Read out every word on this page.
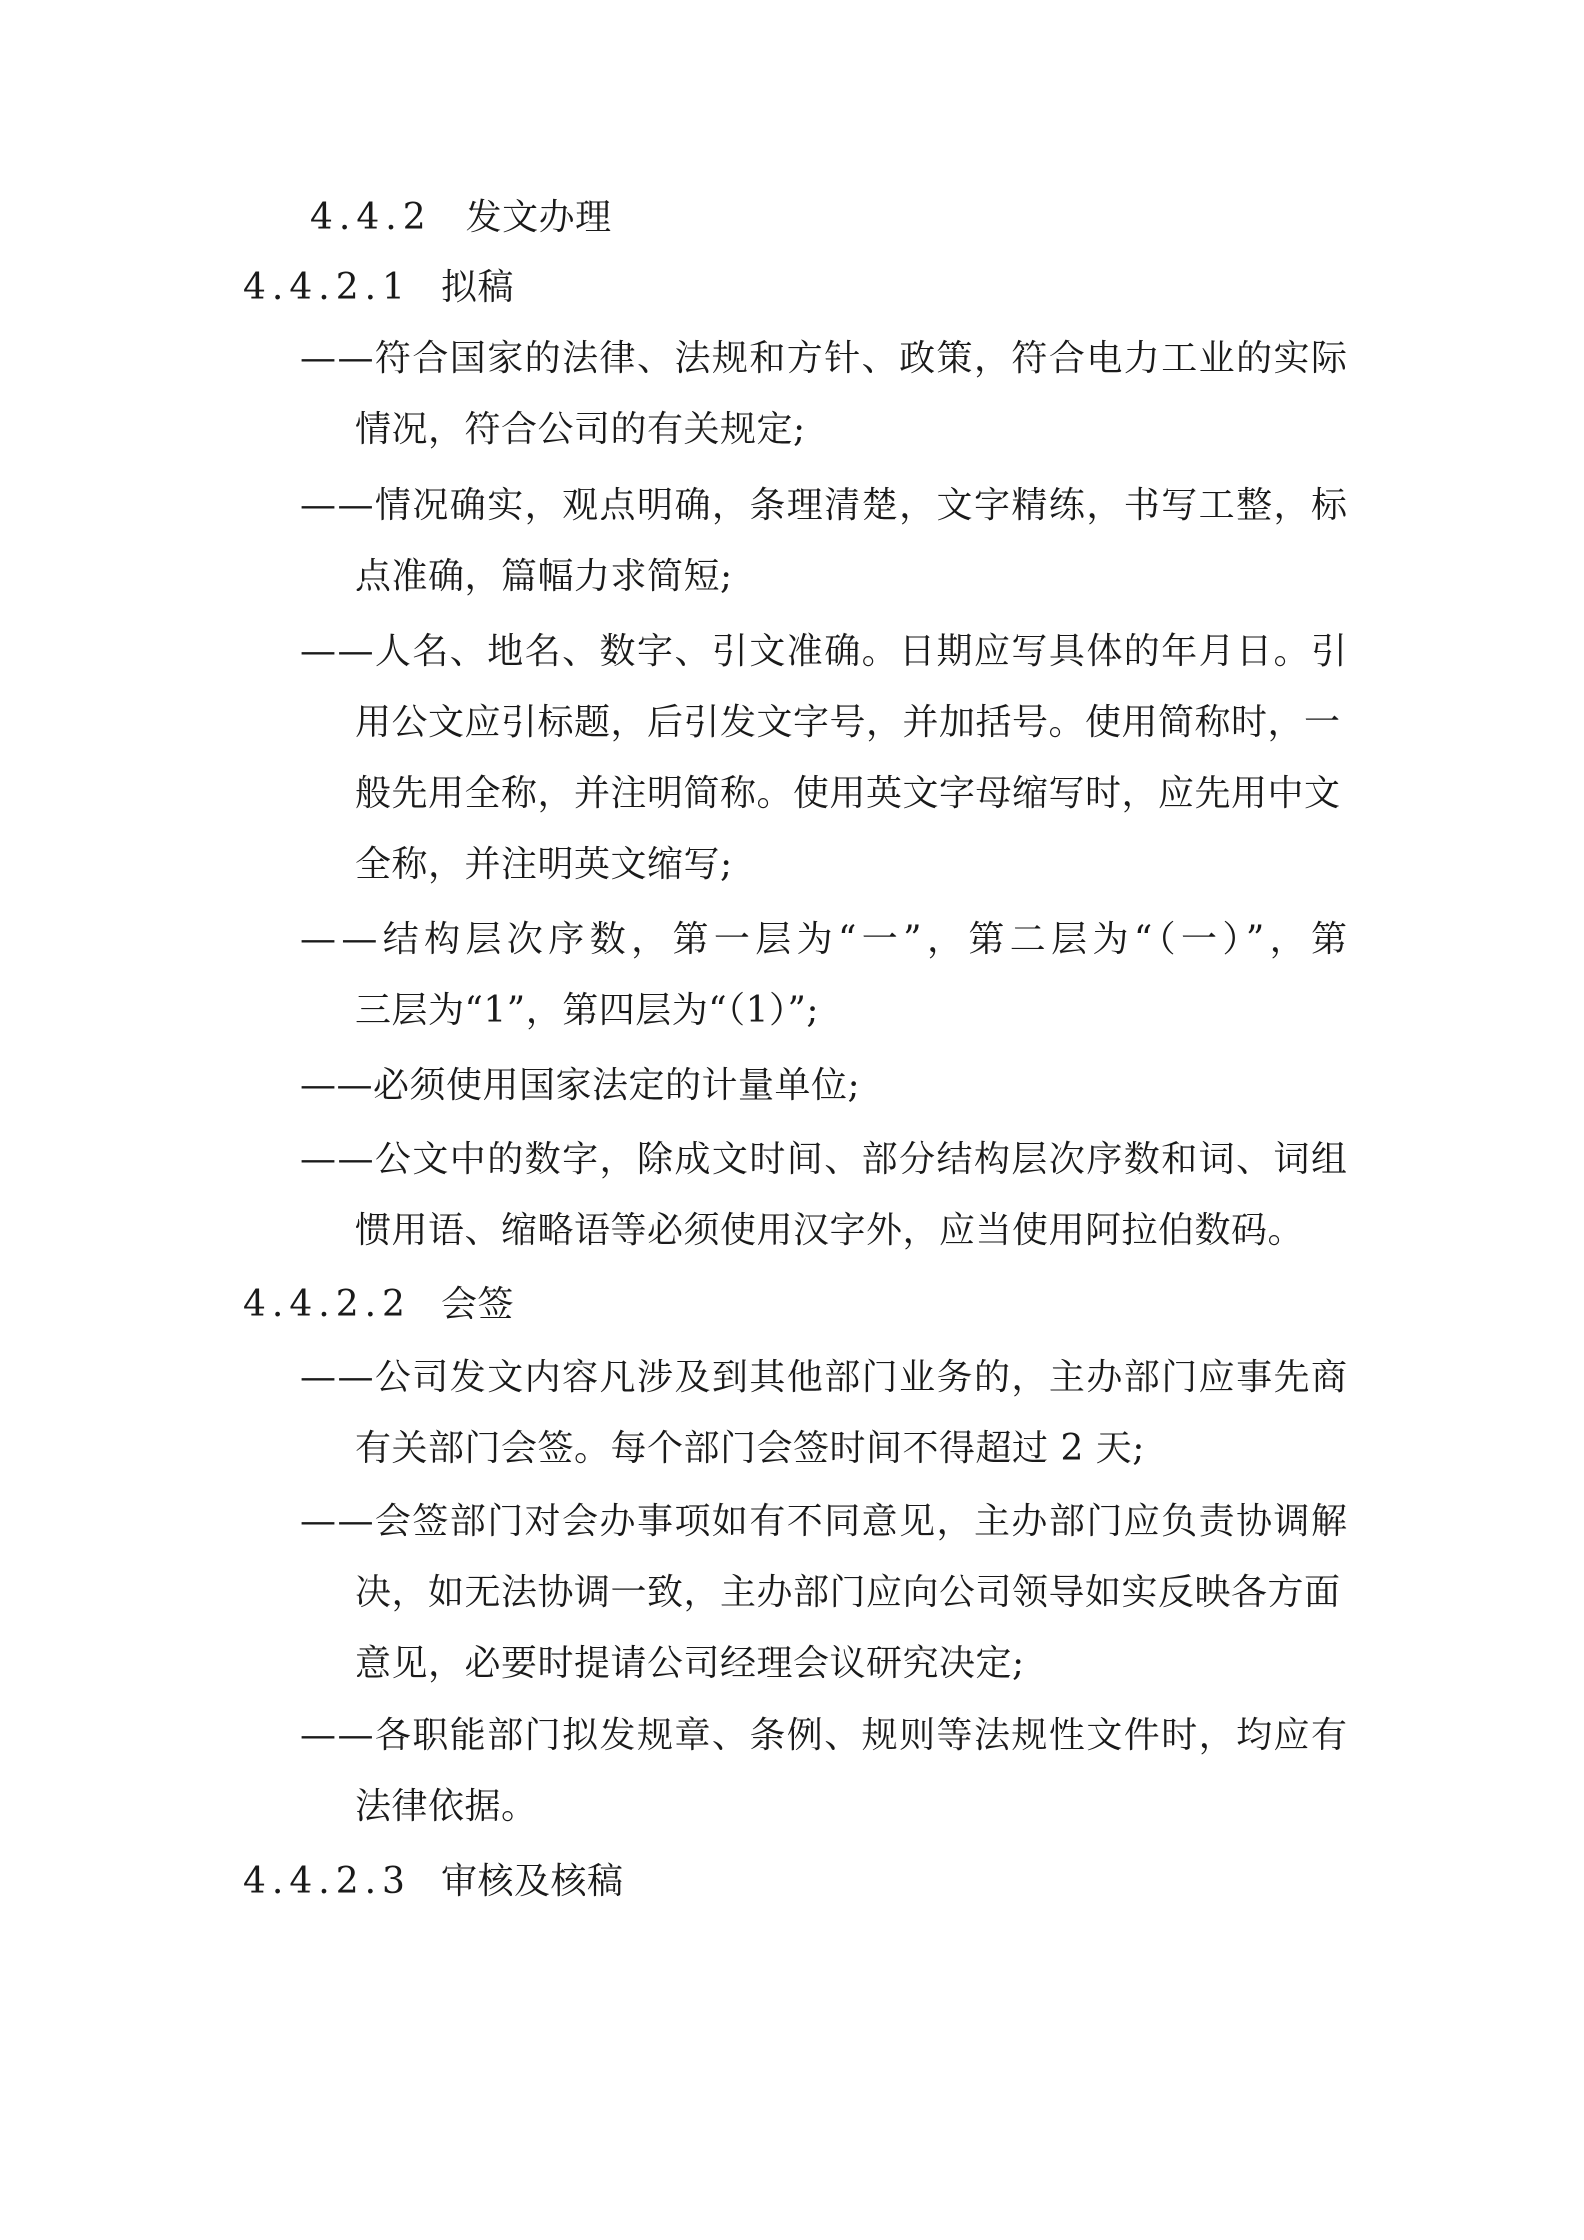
4.4.2 发文办理
4.4.2.1 拟稿
——符合国家的法律、法规和方针、政策，符合电力工业的实际
情况，符合公司的有关规定;
——情况确实，观点明确，条理清楚，文字精练，书写工整，标
点准确，篇幅力求简短;
——人名、地名、数字、引文准确。日期应写具体的年月日。引
用公文应引标题，后引发文字号，并加括号。使用简称时，一
般先用全称，并注明简称。使用英文字母缩写时，应先用中文
全称，并注明英文缩写;
——结构层次序数，第一层为“一”，第二层为“（一）”，第
三层为“1”，第四层为“（1）”;
——必须使用国家法定的计量单位;
——公文中的数字，除成文时间、部分结构层次序数和词、词组
惯用语、缩略语等必须使用汉字外，应当使用阿拉伯数码。
4.4.2.2 会签
——公司发文内容凡涉及到其他部门业务的，主办部门应事先商
有关部门会签。每个部门会签时间不得超过 2 天;
——会签部门对会办事项如有不同意见，主办部门应负责协调解
决，如无法协调一致，主办部门应向公司领导如实反映各方面
意见，必要时提请公司经理会议研究决定;
——各职能部门拟发规章、条例、规则等法规性文件时，均应有
法律依据。
4.4.2.3 审核及核稿
